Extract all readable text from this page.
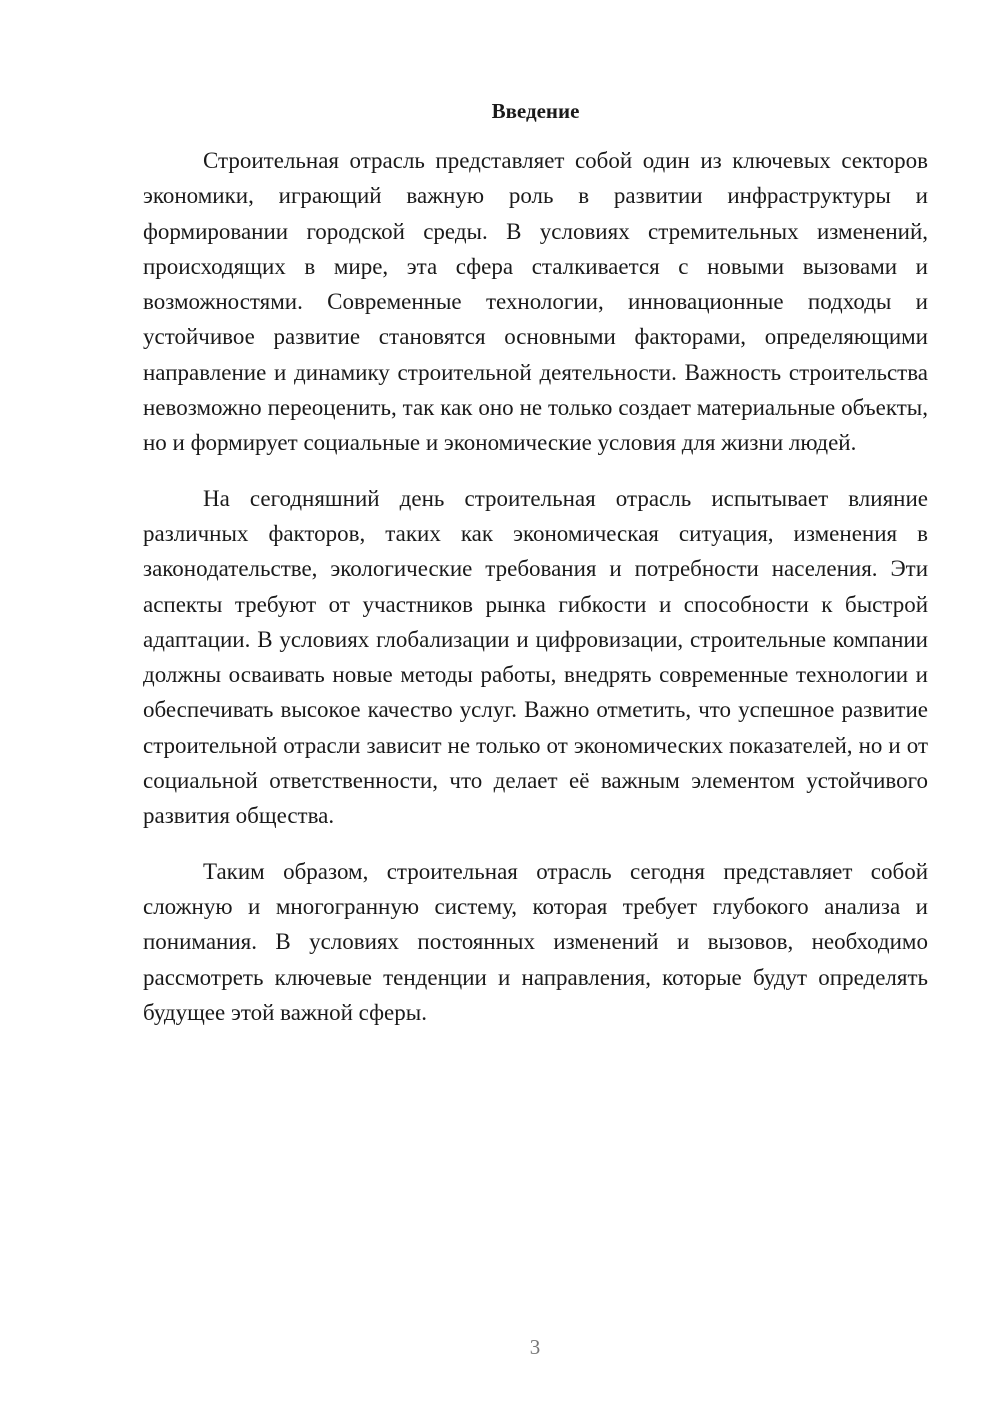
Введение

Строительная отрасль представляет собой один из ключевых секторов экономики, играющий важную роль в развитии инфраструктуры и формировании городской среды. В условиях стремительных изменений, происходящих в мире, эта сфера сталкивается с новыми вызовами и возможностями. Современные технологии, инновационные подходы и устойчивое развитие становятся основными факторами, определяющими направление и динамику строительной деятельности. Важность строительства невозможно переоценить, так как оно не только создает материальные объекты, но и формирует социальные и экономические условия для жизни людей.

На сегодняшний день строительная отрасль испытывает влияние различных факторов, таких как экономическая ситуация, изменения в законодательстве, экологические требования и потребности населения. Эти аспекты требуют от участников рынка гибкости и способности к быстрой адаптации. В условиях глобализации и цифровизации, строительные компании должны осваивать новые методы работы, внедрять современные технологии и обеспечивать высокое качество услуг. Важно отметить, что успешное развитие строительной отрасли зависит не только от экономических показателей, но и от социальной ответственности, что делает её важным элементом устойчивого развития общества.

Таким образом, строительная отрасль сегодня представляет собой сложную и многогранную систему, которая требует глубокого анализа и понимания. В условиях постоянных изменений и вызовов, необходимо рассмотреть ключевые тенденции и направления, которые будут определять будущее этой важной сферы.

3
